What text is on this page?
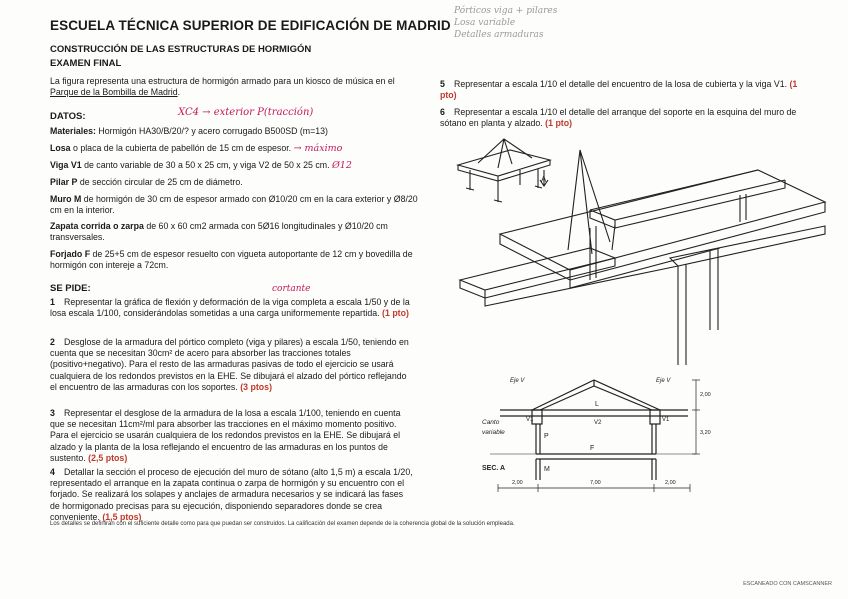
ESCUELA TÉCNICA SUPERIOR DE EDIFICACIÓN DE MADRID
CONSTRUCCIÓN DE LAS ESTRUCTURAS DE HORMIGÓN
EXAMEN FINAL
Pórticos viga + pilares
Losa variable
Detalles armaduras
La figura representa una estructura de hormigón armado para un kiosco de música en el Parque de la Bombilla de Madrid.
DATOS:	XC4 → exterior P(tracción)
Materiales: Hormigón HA30/B/20/? y acero corrugado B500SD (m=13)
Losa o placa de la cubierta de pabellón de 15 cm de espesor. → máximo
Viga V1 de canto variable de 30 a 50 x 25 cm, y viga V2 de 50 x 25 cm. Ø12
Pilar P de sección circular de 25 cm de diámetro.
Muro M de hormigón de 30 cm de espesor armado con Ø10/20 cm en la cara exterior y Ø8/20 cm en la interior.
Zapata corrida o zarpa de 60 x 60 cm2 armada con 5Ø16 longitudinales y Ø10/20 cm transversales.
Forjado F de 25+5 cm de espesor resuelto con vigueta autoportante de 12 cm y bovedilla de hormigón con intereje a 72cm.
SE PIDE:	cortante
1 Representar la gráfica de flexión y deformación de la viga completa a escala 1/50 y de la losa escala 1/100, considerándolas sometidas a una carga uniformemente repartida. (1 pto)
2 Desglose de la armadura del pórtico completo (viga y pilares) a escala 1/50, teniendo en cuenta que se necesitan 30cm² de acero para absorber las tracciones totales (positivo+negativo). Para el resto de las armaduras pasivas de todo el ejercicio se usará cualquiera de los redondos previstos en la EHE. Se dibujará el alzado del pórtico reflejando el encuentro de las armaduras con los soportes. (3 ptos)
3 Representar el desglose de la armadura de la losa a escala 1/100, teniendo en cuenta que se necesitan 11cm²/ml para absorber las tracciones en el máximo momento positivo. Para el ejercicio se usarán cualquiera de los redondos previstos en la EHE. Se dibujará el alzado y la planta de la losa reflejando el encuentro de las armaduras en los puntos de sustento. (2,5 ptos)
4 Detallar la sección el proceso de ejecución del muro de sótano (alto 1,5 m) a escala 1/20, representado el arranque en la zapata continua o zarpa de hormigón y su encuentro con el forjado. Se realizará los solapes y anclajes de armadura necesarios y se indicará las fases de hormigonado precisas para su ejecución, disponiendo separadores donde se crea conveniente. (1,5 ptos)
5 Representar a escala 1/10 el detalle del encuentro de la losa de cubierta y la viga V1. (1 pto)
6 Representar a escala 1/10 el detalle del arranque del soporte en la esquina del muro de sótano en planta y alzado. (1 pto)
A
L
V2
V1	V1
P
F
M
SEC. A
2,00	7,00	2,00
2,00
3,20
Canto
variable
Eje V	Eje V
Los detalles se definirán con el suficiente detalle como para que puedan ser construidos. La calificación del examen depende de la coherencia global de la solución empleada.
ESCANEADO CON CAMSCANNER
